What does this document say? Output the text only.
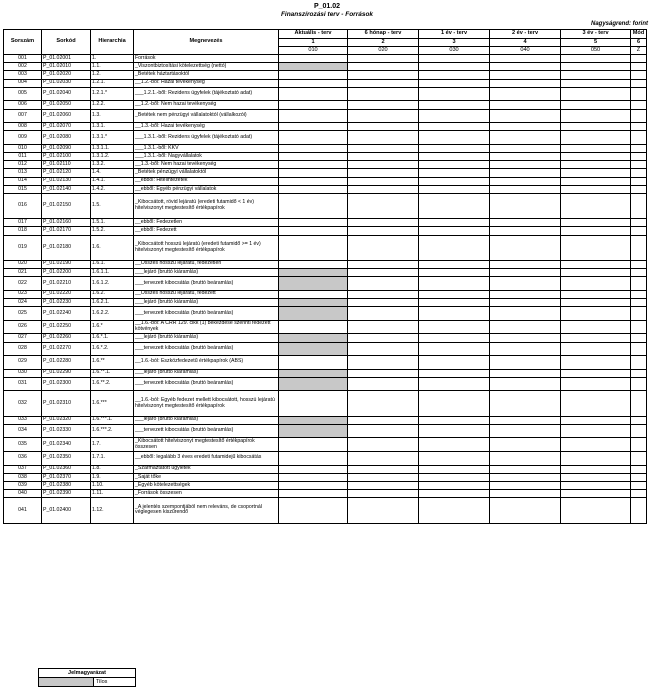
P_01.02
Finanszírozási terv - Források
Nagyságrend: forint
Sorszám	Sorkód	Hierarchia	Megnevezés	Aktuális - terv	6 hónap - terv	1 év - terv	2 év - terv	3 év - terv	Mód
				1	2	3	4	5	6
				010	020	030	040	050	Z
001	P_01.02001	1.	Források						
002	P_01.02010	1.1.	_Viszontbiztosítási kötelezettség (nettó)						
003	P_01.02020	1.2.	_Betétek háztartásoktól						
004	P_01.02030	1.2.1.	__1.2.-ből: Hazai tevékenység						
005	P_01.02040	1.2.1.*	___1.2.1.-ből: Rezidens ügyfelek (tájékoztató adat)						
006	P_01.02050	1.2.2.	__1.2.-ből: Nem hazai tevékenység						
007	P_01.02060	1.3.	_Betétek nem pénzügyi vállalatoktól (vállalkozói)						
008	P_01.02070	1.3.1.	__1.3.-ből: Hazai tevékenység						
009	P_01.02080	1.3.1.*	___1.3.1.-ből: Rezidens ügyfelek (tájékoztató adat)						
010	P_01.02090	1.3.1.1.	___1.3.1.-ből: KKV						
011	P_01.02100	1.3.1.2.	___1.3.1.-ből: Nagyvállalatok						
012	P_01.02110	1.3.2.	__1.3.-ből: Nem hazai tevékenység						
013	P_01.02120	1.4.	_Betétek pénzügyi vállalatoktól						
014	P_01.02130	1.4.1.	__ebből: Hitelintézetek						
015	P_01.02140	1.4.2.	__ebből: Egyéb pénzügyi vállalatok						
016	P_01.02150	1.5.	_Kibocsátott, rövid lejáratú (eredeti futamidő < 1 év) hitelviszonyt megtestesítő értékpapírok						
017	P_01.02160	1.5.1.	__ebből: Fedezetlen						
018	P_01.02170	1.5.2.	__ebből: Fedezett						
019	P_01.02180	1.6.	_Kibocsátott hosszú lejáratú (eredeti futamidő >= 1 év) hitelviszonyt megtestesítő értékpapírok						
020	P_01.02190	1.6.1.	__Összes hosszú lejáratú, fedezetlen						
021	P_01.02200	1.6.1.1.	___lejáró (bruttó kiáramlás)						
022	P_01.02210	1.6.1.2.	___tervezett kibocsátás (bruttó beáramlás)						
023	P_01.02220	1.6.2.	__Összes hosszú lejáratú, fedezett						
024	P_01.02230	1.6.2.1.	___lejáró (bruttó kiáramlás)						
025	P_01.02240	1.6.2.2.	___tervezett kibocsátás (bruttó beáramlás)						
026	P_01.02250	1.6.*	__1.6.-ból: A CRR 129. cikk (1) bekezdése szerinti fedezett kötvények						
027	P_01.02260	1.6.*.1.	___lejáró (bruttó kiáramlás)						
028	P_01.02270	1.6.*.2.	___tervezett kibocsátás (bruttó beáramlás)						
029	P_01.02280	1.6.**	__1.6.-ból: Eszközfedezetű értékpapírok (ABS)						
030	P_01.02290	1.6.**.1.	___lejáró (bruttó kiáramlás)						
031	P_01.02300	1.6.**.2.	___tervezett kibocsátás (bruttó beáramlás)						
032	P_01.02310	1.6.***	__1.6.-ból: Egyéb fedezet mellett kibocsátott, hosszú lejáratú hitelviszonyt megtestesítő értékpapírok						
033	P_01.02320	1.6.***.1.	___lejáró (bruttó kiáramlás)						
034	P_01.02330	1.6.***.2.	___tervezett kibocsátás (bruttó beáramlás)						
035	P_01.02340	1.7.	_Kibocsátott hitelviszonyt megtestesítő értékpapírok összesen						
036	P_01.02350	1.7.1.	__ebből: legalább 3 éves eredeti futamidejű kibocsátás						
037	P_01.02360	1.8.	_Származtatott ügyletek						
038	P_01.02370	1.9.	_Saját tőke						
039	P_01.02380	1.10.	_Egyéb kötelezettségek						
040	P_01.02390	1.11.	_Források összesen						
041	P_01.02400	1.12.	_A jelentés szempontjából nem releváns, de csoportnál véglegesen kiszűrendő						
Jelmagyarázat
	Tilos
